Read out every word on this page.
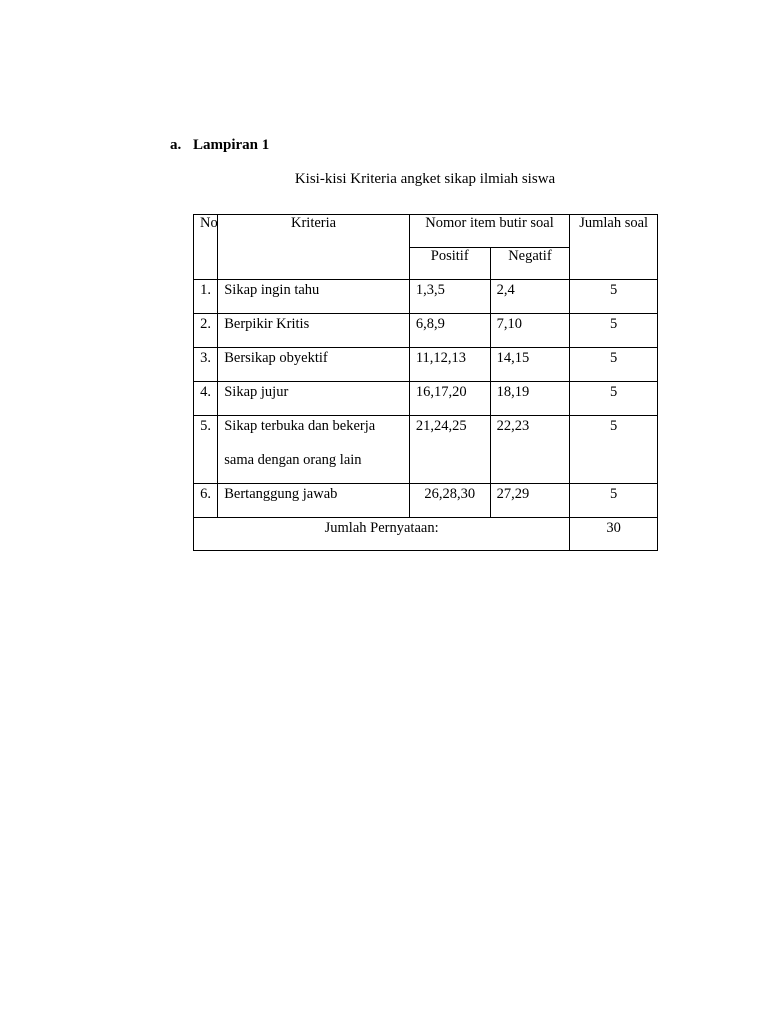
a. Lampiran 1
Kisi-kisi Kriteria angket sikap ilmiah siswa
No	Kriteria	Nomor item butir soal		Jumlah soal
		Positif	Negatif	
1.	Sikap ingin tahu	1,3,5	2,4	5
2.	Berpikir Kritis	6,8,9	7,10	5
3.	Bersikap obyektif	11,12,13	14,15	5
4.	Sikap jujur	16,17,20	18,19	5
5.	Sikap terbuka dan bekerja
sama dengan orang lain	21,24,25	22,23	5
6.	Bertanggung jawab	26,28,30	27,29	5
Jumlah Pernyataan:				30
